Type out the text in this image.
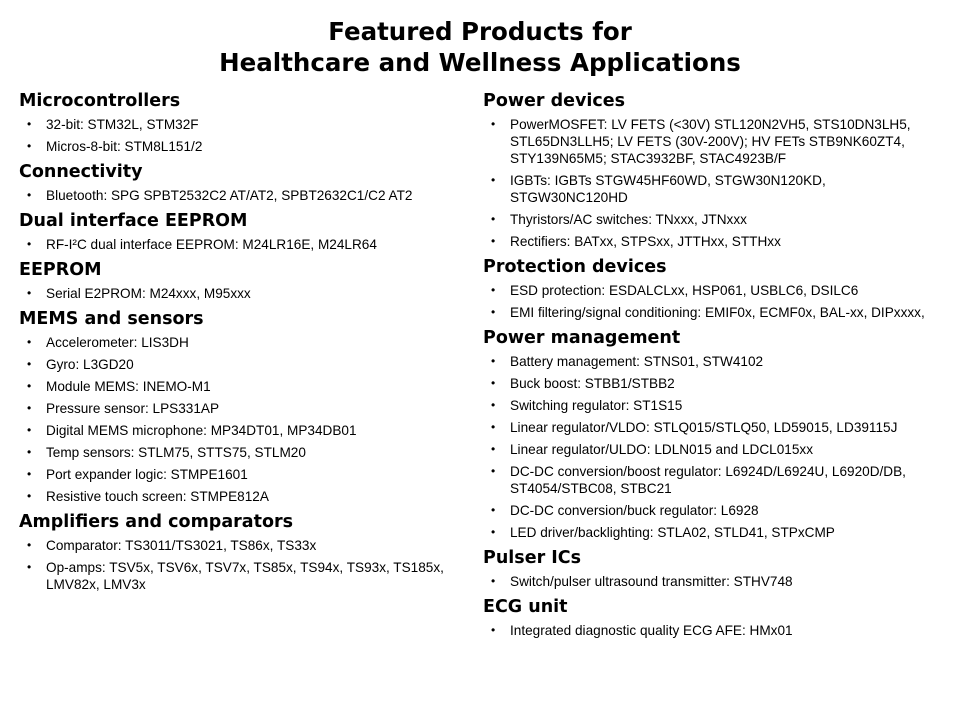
Featured Products for
Healthcare and Wellness Applications
Microcontrollers
• 32-bit: STM32L, STM32F
• Micros-8-bit: STM8L151/2
Connectivity
• Bluetooth: SPG SPBT2532C2 AT/AT2, SPBT2632C1/C2 AT2
Dual interface EEPROM
• RF-I²C dual interface EEPROM: M24LR16E, M24LR64
EEPROM
• Serial E2PROM: M24xxx, M95xxx
MEMS and sensors
• Accelerometer: LIS3DH
• Gyro: L3GD20
• Module MEMS: INEMO-M1
• Pressure sensor: LPS331AP
• Digital MEMS microphone: MP34DT01, MP34DB01
• Temp sensors: STLM75, STTS75, STLM20
• Port expander logic: STMPE1601
• Resistive touch screen: STMPE812A
Amplifiers and comparators
• Comparator: TS3011/TS3021, TS86x, TS33x
• Op-amps: TSV5x, TSV6x, TSV7x, TS85x, TS94x, TS93x, TS185x, LMV82x, LMV3x
Power devices
• PowerMOSFET: LV FETS (<30V) STL120N2VH5, STS10DN3LH5, STL65DN3LLH5; LV FETS (30V-200V); HV FETs STB9NK60ZT4, STY139N65M5; STAC3932BF, STAC4923B/F
• IGBTs: IGBTs STGW45HF60WD, STGW30N120KD, STGW30NC120HD
• Thyristors/AC switches: TNxxx, JTNxxx
• Rectifiers: BATxx, STPSxx, JTTHxx, STTHxx
Protection devices
• ESD protection: ESDALCLxx, HSP061, USBLC6, DSILC6
• EMI filtering/signal conditioning: EMIF0x, ECMF0x, BAL-xx, DIPxxxx,
Power management
• Battery management: STNS01, STW4102
• Buck boost: STBB1/STBB2
• Switching regulator: ST1S15
• Linear regulator/VLDO: STLQ015/STLQ50, LD59015, LD39115J
• Linear regulator/ULDO: LDLN015 and LDCL015xx
• DC-DC conversion/boost regulator: L6924D/L6924U, L6920D/DB, ST4054/STBC08, STBC21
• DC-DC conversion/buck regulator: L6928
• LED driver/backlighting: STLA02, STLD41, STPxCMP
Pulser ICs
• Switch/pulser ultrasound transmitter: STHV748
ECG unit
• Integrated diagnostic quality ECG AFE: HMx01
